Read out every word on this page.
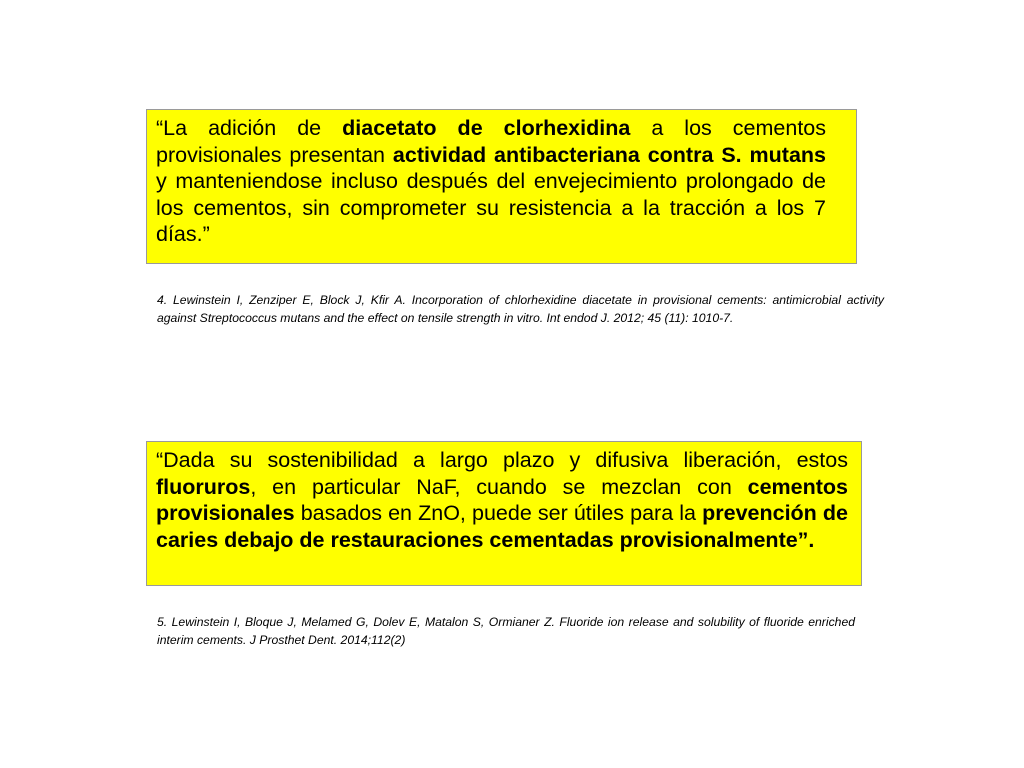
“La adición de diacetato de clorhexidina a los cementos provisionales presentan actividad antibacteriana contra S. mutans y manteniendose incluso después del envejecimiento prolongado de los cementos, sin comprometer su resistencia a la tracción a los 7 días.”

4. Lewinstein I, Zenziper E, Block J, Kfir A. Incorporation of chlorhexidine diacetate in provisional cements: antimicrobial activity against Streptococcus mutans and the effect on tensile strength in vitro. Int endod J. 2012; 45 (11): 1010-7.

“Dada su sostenibilidad a largo plazo y difusiva liberación, estos fluoruros, en particular NaF, cuando se mezclan con cementos provisionales basados en ZnO, puede ser útiles para la prevención de caries debajo de restauraciones cementadas provisionalmente”.

5. Lewinstein I, Bloque J, Melamed G, Dolev E, Matalon S, Ormianer Z. Fluoride ion release and solubility of fluoride enriched interim cements. J Prosthet Dent. 2014;112(2)
